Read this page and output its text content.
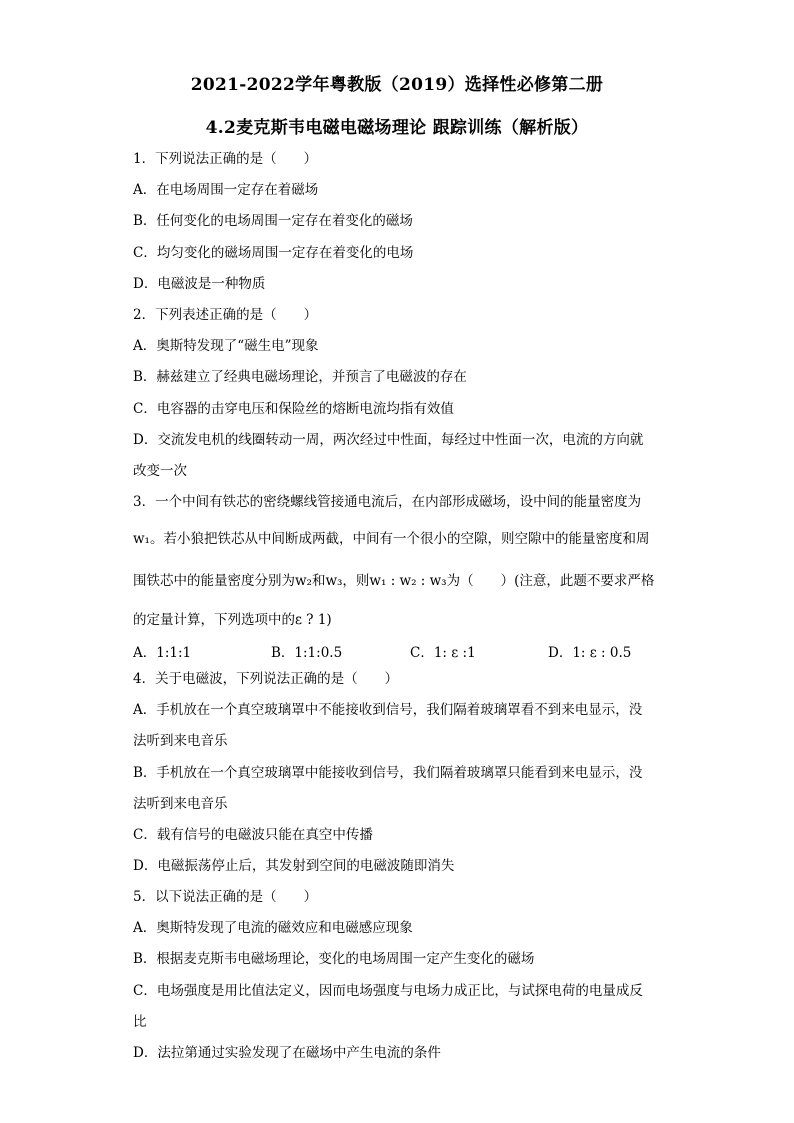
2021-2022学年粤教版（2019）选择性必修第二册
4.2麦克斯韦电磁电磁场理论 跟踪训练（解析版）
1．下列说法正确的是（　　）
A．在电场周围一定存在着磁场
B．任何变化的电场周围一定存在着变化的磁场
C．均匀变化的磁场周围一定存在着变化的电场
D．电磁波是一种物质
2．下列表述正确的是（　　）
A．奥斯特发现了“磁生电”现象
B．赫兹建立了经典电磁场理论，并预言了电磁波的存在
C．电容器的击穿电压和保险丝的熔断电流均指有效值
D．交流发电机的线圈转动一周，两次经过中性面，每经过中性面一次，电流的方向就
改变一次
3．一个中间有铁芯的密绕螺线管接通电流后，在内部形成磁场，设中间的能量密度为
w₁。若小狼把铁芯从中间断成两截，中间有一个很小的空隙，则空隙中的能量密度和周
围铁芯中的能量密度分别为w₂和w₃，则w₁ : w₂ : w₃为（　　）(注意，此题不要求严格
的定量计算，下列选项中的ε ? 1)
A．1:1:1	B．1:1:0.5	C．1: ε :1	D．1: ε : 0.5
4．关于电磁波，下列说法正确的是（　　）
A．手机放在一个真空玻璃罩中不能接收到信号，我们隔着玻璃罩看不到来电显示，没
法听到来电音乐
B．手机放在一个真空玻璃罩中能接收到信号，我们隔着玻璃罩只能看到来电显示，没
法听到来电音乐
C．载有信号的电磁波只能在真空中传播
D．电磁振荡停止后，其发射到空间的电磁波随即消失
5．以下说法正确的是（　　）
A．奥斯特发现了电流的磁效应和电磁感应现象
B．根据麦克斯韦电磁场理论，变化的电场周围一定产生变化的磁场
C．电场强度是用比值法定义，因而电场强度与电场力成正比，与试探电荷的电量成反
比
D．法拉第通过实验发现了在磁场中产生电流的条件
